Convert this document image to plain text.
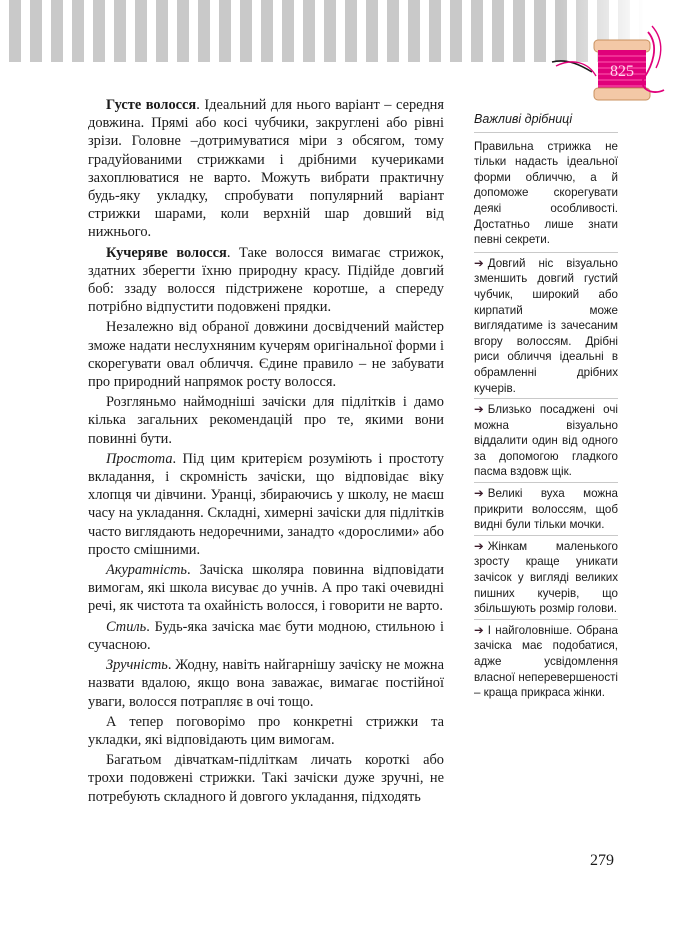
825

Густе волосся. Ідеальний для нього варіант – середня довжина. Прямі або косі чубчики, закруглені або рівні зрізи. Головне –дотримуватися міри з обсягом, тому градуйованими стрижками і дрібними кучериками захоплюватися не варто. Можуть вибрати практичну будь-яку укладку, спробувати популярний варіант стрижки шарами, коли верхній шар довший від нижнього.

Кучеряве волосся. Таке волосся вимагає стрижок, здатних зберегти їхню природну красу. Підійде довгий боб: ззаду волосся підстрижене коротше, а спереду потрібно відпустити подовжені прядки.

Незалежно від обраної довжини досвідчений майстер зможе надати неслухняним кучерям оригінальної форми і скорегувати овал обличчя. Єдине правило – не забувати про природний напрямок росту волосся.

Розгляньмо наймодніші зачіски для підлітків і дамо кілька загальних рекомендацій про те, якими вони повинні бути.

Простота. Під цим критерієм розуміють і простоту вкладання, і скромність зачіски, що відповідає віку хлопця чи дівчини. Уранці, збираючись у школу, не маєш часу на укладання. Складні, химерні зачіски для підлітків часто виглядають недоречними, занадто «дорослими» або просто смішними.

Акуратність. Зачіска школяра повинна відповідати вимогам, які школа висуває до учнів. А про такі очевидні речі, як чистота та охайність волосся, і говорити не варто.

Стиль. Будь-яка зачіска має бути модною, стильною і сучасною.

Зручність. Жодну, навіть найгарнішу зачіску не можна назвати вдалою, якщо вона заважає, вимагає постійної уваги, волосся потрапляє в очі тощо.

А тепер поговорімо про конкретні стрижки та укладки, які відповідають цим вимогам.

Багатьом дівчаткам-підліткам личать короткі або трохи подовжені стрижки. Такі зачіски дуже зручні, не потребують складного й довгого укладання, підходять

Важливі дрібниці
Правильна стрижка не тільки надасть ідеальної форми обличчю, а й допоможе скорегувати деякі особливості. Достатньо лише знати певні секрети.
➔ Довгий ніс візуально зменшить довгий густий чубчик, широкий або кирпатий може виглядатиме із зачесаним вгору волоссям. Дрібні риси обличчя ідеальні в обрамленні дрібних кучерів.
➔ Близько посаджені очі можна візуально віддалити один від одного за допомогою гладкого пасма вздовж щік.
➔ Великі вуха можна прикрити волоссям, щоб видні були тільки мочки.
➔ Жінкам маленького зросту краще уникати зачісок у вигляді великих пишних кучерів, що збільшують розмір голови.
➔ І найголовніше. Обрана зачіска має подобатися, адже усвідомлення власної неперевершеності – краща прикраса жінки.
279
